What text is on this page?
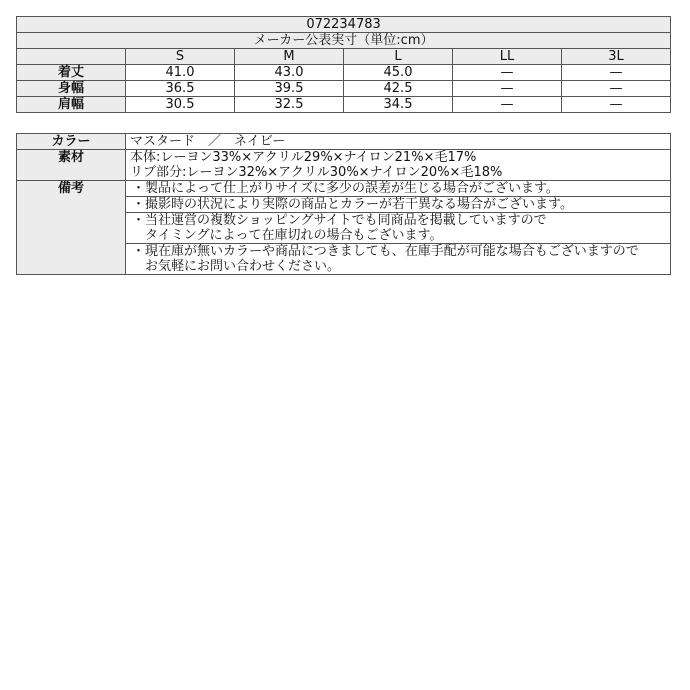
072234783					
メーカー公表実寸（単位:cm）					
	S	M	L	LL	3L
着丈	41.0	43.0	45.0	—	—
身幅	36.5	39.5	42.5	—	—
肩幅	30.5	32.5	34.5	—	—
カラー	マスタード　／　ネイビー
素材	本体:レーヨン33%×アクリル29%×ナイロン21%×毛17%
リブ部分:レーヨン32%×アクリル30%×ナイロン20%×毛18%

備考	・製品によって仕上がりサイズに多少の誤差が生じる場合がございます。

	・撮影時の状況により実際の商品とカラーが若干異なる場合がございます。

	・当社運営の複数ショッピングサイトでも同商品を掲載していますので
　タイミングによって在庫切れの場合もございます。

	・現在庫が無いカラーや商品につきましても、在庫手配が可能な場合もございますので
　お気軽にお問い合わせください。
